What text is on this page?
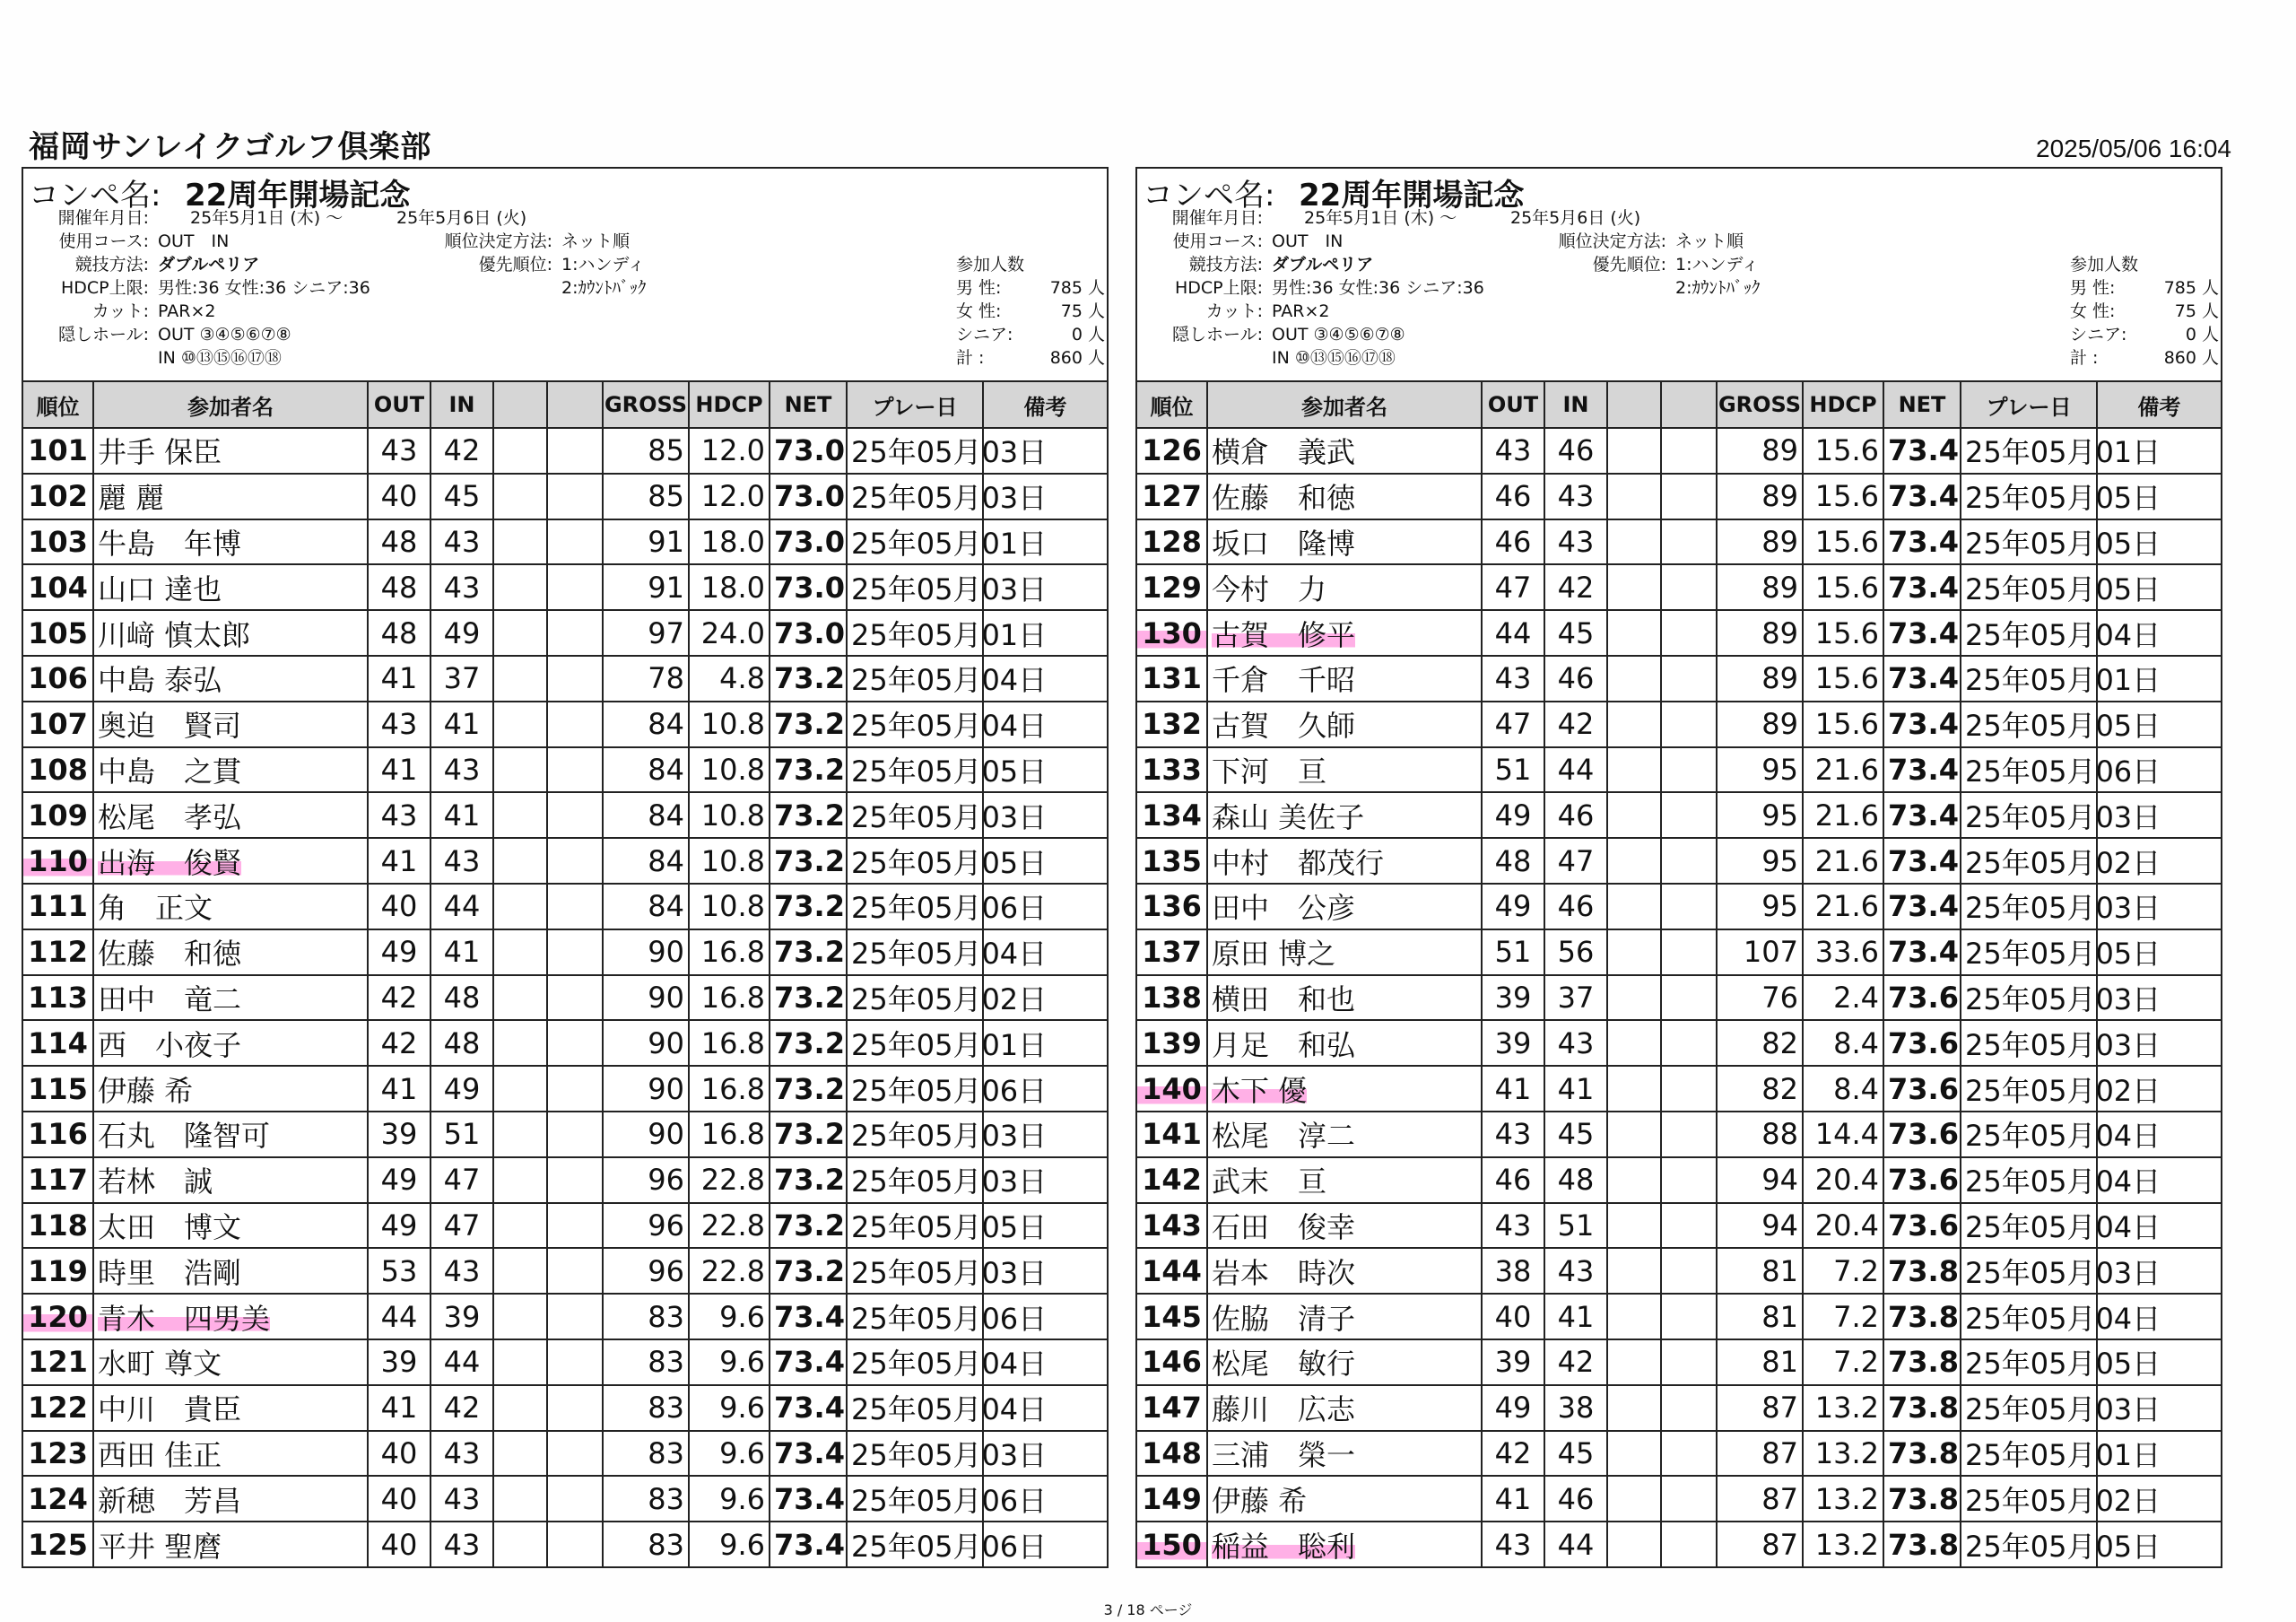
福岡サンレイクゴルフ倶楽部	2025/05/06 16:04
コンペ名: 22周年開場記念
開催年月日: 25年5月1日 (木) ～	25年5月6日 (火)
使用コース: OUT　IN	順位決定方法: ネット順
競技方法: ダブルペリア	優先順位: 1:ハンディ
HDCP上限: 男性:36 女性:36 シニア:36	2:ｶｳﾝﾄﾊﾞｯｸ
カット: PAR×2
隠しホール: OUT ③④⑤⑥⑦⑧
IN ⑩⑬⑮⑯⑰⑱
参加人数
男 性:	785 人
女 性:	75 人
シニア:	0 人
計 :	860 人
順位	参加者名	OUT	IN			GROSS	HDCP	NET	プレー日	備考
101	井手 保臣	43	42			85	12.0	73.0	25年05月03日	
102	麗 麗	40	45			85	12.0	73.0	25年05月03日	
103	牛島　年博	48	43			91	18.0	73.0	25年05月01日	
104	山口 達也	48	43			91	18.0	73.0	25年05月03日	
105	川﨑 慎太郎	48	49			97	24.0	73.0	25年05月01日	
106	中島 泰弘	41	37			78	4.8	73.2	25年05月04日	
107	奥迫　賢司	43	41			84	10.8	73.2	25年05月04日	
108	中島　之貫	41	43			84	10.8	73.2	25年05月05日	
109	松尾　孝弘	43	41			84	10.8	73.2	25年05月03日	
110	出海　俊賢	41	43			84	10.8	73.2	25年05月05日	
111	角　正文	40	44			84	10.8	73.2	25年05月06日	
112	佐藤　和徳	49	41			90	16.8	73.2	25年05月04日	
113	田中　竜二	42	48			90	16.8	73.2	25年05月02日	
114	西　小夜子	42	48			90	16.8	73.2	25年05月01日	
115	伊藤 希	41	49			90	16.8	73.2	25年05月06日	
116	石丸　隆智可	39	51			90	16.8	73.2	25年05月03日	
117	若林　誠	49	47			96	22.8	73.2	25年05月03日	
118	太田　博文	49	47			96	22.8	73.2	25年05月05日	
119	時里　浩剛	53	43			96	22.8	73.2	25年05月03日	
120	青木　四男美	44	39			83	9.6	73.4	25年05月06日	
121	水町 尊文	39	44			83	9.6	73.4	25年05月04日	
122	中川　貴臣	41	42			83	9.6	73.4	25年05月04日	
123	西田 佳正	40	43			83	9.6	73.4	25年05月03日	
124	新穂　芳昌	40	43			83	9.6	73.4	25年05月06日	
125	平井 聖麿	40	43			83	9.6	73.4	25年05月06日	
コンペ名: 22周年開場記念
開催年月日: 25年5月1日 (木) ～	25年5月6日 (火)
使用コース: OUT　IN	順位決定方法: ネット順
競技方法: ダブルペリア	優先順位: 1:ハンディ
HDCP上限: 男性:36 女性:36 シニア:36	2:ｶｳﾝﾄﾊﾞｯｸ
カット: PAR×2
隠しホール: OUT ③④⑤⑥⑦⑧
IN ⑩⑬⑮⑯⑰⑱
参加人数
男 性:	785 人
女 性:	75 人
シニア:	0 人
計 :	860 人
順位	参加者名	OUT	IN			GROSS	HDCP	NET	プレー日	備考
126	横倉　義武	43	46			89	15.6	73.4	25年05月01日	
127	佐藤　和徳	46	43			89	15.6	73.4	25年05月05日	
128	坂口　隆博	46	43			89	15.6	73.4	25年05月05日	
129	今村　力	47	42			89	15.6	73.4	25年05月05日	
130	古賀　修平	44	45			89	15.6	73.4	25年05月04日	
131	千倉　千昭	43	46			89	15.6	73.4	25年05月01日	
132	古賀　久師	47	42			89	15.6	73.4	25年05月05日	
133	下河　亘	51	44			95	21.6	73.4	25年05月06日	
134	森山 美佐子	49	46			95	21.6	73.4	25年05月03日	
135	中村　都茂行	48	47			95	21.6	73.4	25年05月02日	
136	田中　公彦	49	46			95	21.6	73.4	25年05月03日	
137	原田 博之	51	56			107	33.6	73.4	25年05月05日	
138	横田　和也	39	37			76	2.4	73.6	25年05月03日	
139	月足　和弘	39	43			82	8.4	73.6	25年05月03日	
140	木下 優	41	41			82	8.4	73.6	25年05月02日	
141	松尾　淳二	43	45			88	14.4	73.6	25年05月04日	
142	武末　亘	46	48			94	20.4	73.6	25年05月04日	
143	石田　俊幸	43	51			94	20.4	73.6	25年05月04日	
144	岩本　時次	38	43			81	7.2	73.8	25年05月03日	
145	佐脇　清子	40	41			81	7.2	73.8	25年05月04日	
146	松尾　敏行	39	42			81	7.2	73.8	25年05月05日	
147	藤川　広志	49	38			87	13.2	73.8	25年05月03日	
148	三浦　榮一	42	45			87	13.2	73.8	25年05月01日	
149	伊藤 希	41	46			87	13.2	73.8	25年05月02日	
150	稲益　聡利	43	44			87	13.2	73.8	25年05月05日	
3 / 18 ページ
